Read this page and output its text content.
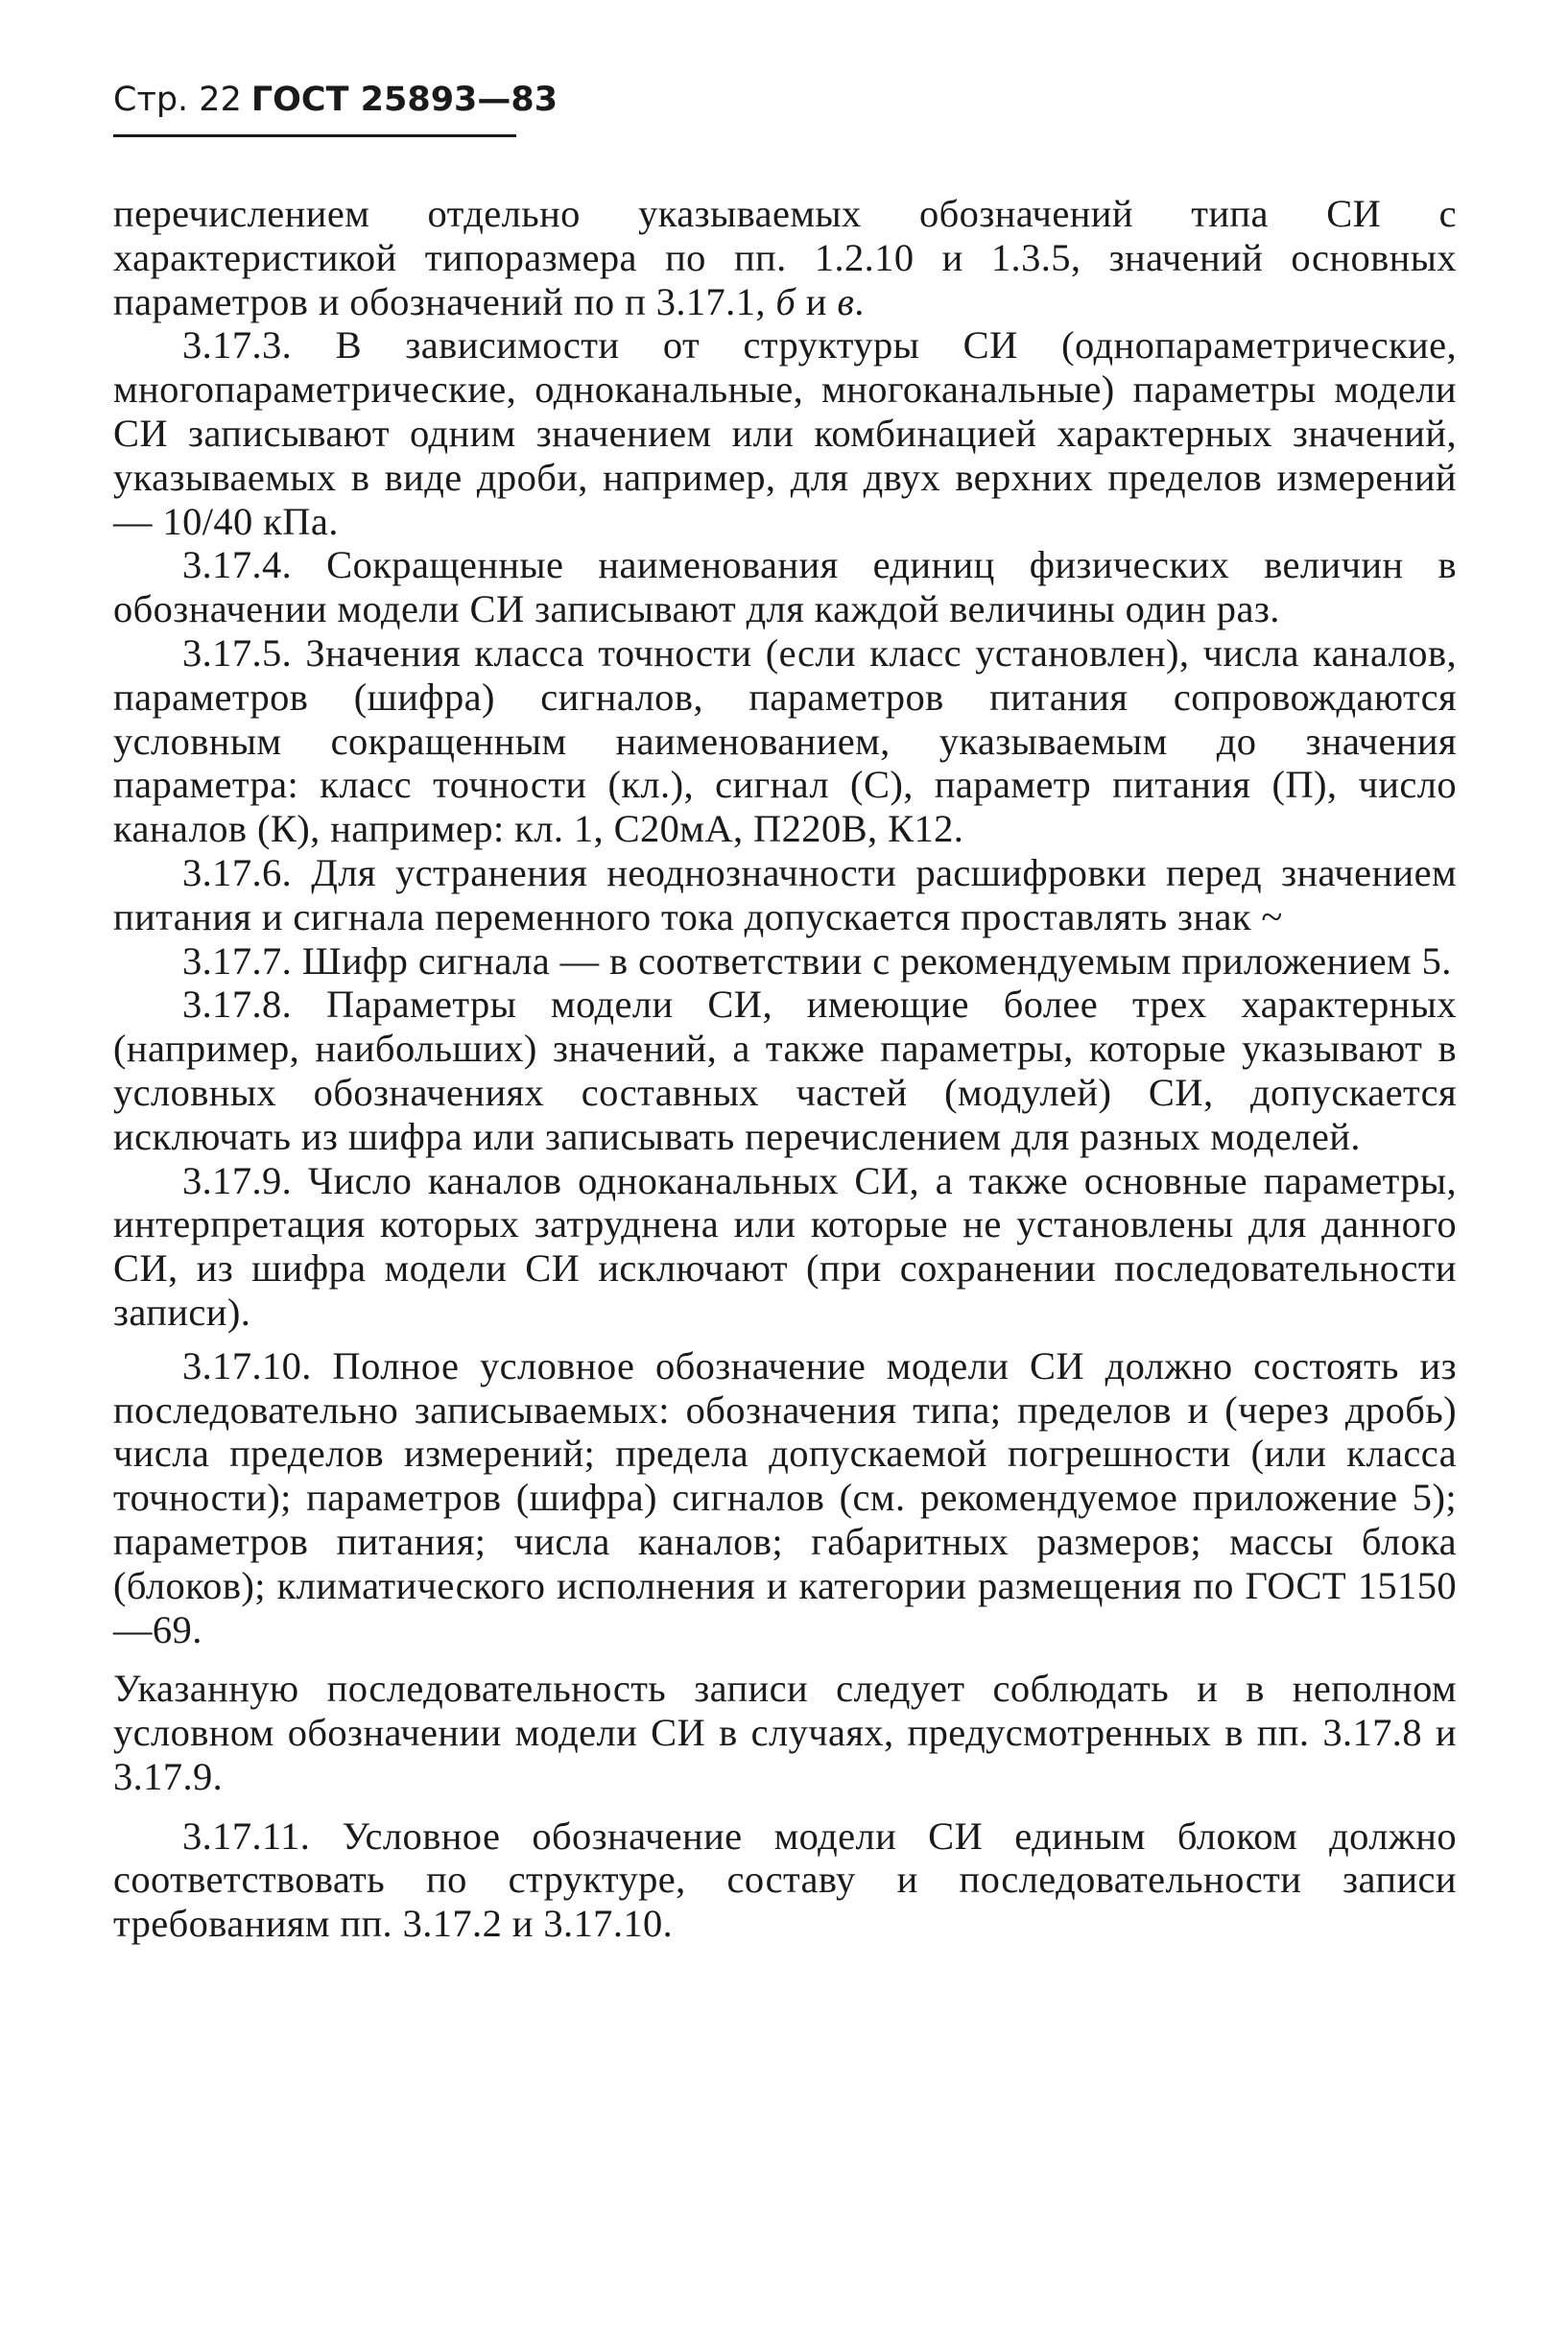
Стр. 22 ГОСТ 25893—83

перечислением отдельно указываемых обозначений типа СИ с характеристикой типоразмера по пп. 1.2.10 и 1.3.5, значений основных параметров и обозначений по п 3.17.1, б и в.

3.17.3. В зависимости от структуры СИ (однопараметрические, многопараметрические, одноканальные, многоканальные) параметры модели СИ записывают одним значением или комбинацией характерных значений, указываемых в виде дроби, например, для двух верхних пределов измерений — 10/40 кПа.

3.17.4. Сокращенные наименования единиц физических величин в обозначении модели СИ записывают для каждой величины один раз.

3.17.5. Значения класса точности (если класс установлен), числа каналов, параметров (шифра) сигналов, параметров питания сопровождаются условным сокращенным наименованием, указываемым до значения параметра: класс точности (кл.), сигнал (С), параметр питания (П), число каналов (К), например: кл. 1, С20мА, П220В, К12.

3.17.6. Для устранения неоднозначности расшифровки перед значением питания и сигнала переменного тока допускается проставлять знак ~

3.17.7. Шифр сигнала — в соответствии с рекомендуемым приложением 5.

3.17.8. Параметры модели СИ, имеющие более трех характерных (например, наибольших) значений, а также параметры, которые указывают в условных обозначениях составных частей (модулей) СИ, допускается исключать из шифра или записывать перечислением для разных моделей.

3.17.9. Число каналов одноканальных СИ, а также основные параметры, интерпретация которых затруднена или которые не установлены для данного СИ, из шифра модели СИ исключают (при сохранении последовательности записи).

3.17.10. Полное условное обозначение модели СИ должно состоять из последовательно записываемых: обозначения типа; пределов и (через дробь) числа пределов измерений; предела допускаемой погрешности (или класса точности); параметров (шифра) сигналов (см. рекомендуемое приложение 5); параметров питания; числа каналов; габаритных размеров; массы блока (блоков); климатического исполнения и категории размещения по ГОСТ 15150—69.

Указанную последовательность записи следует соблюдать и в неполном условном обозначении модели СИ в случаях, предусмотренных в пп. 3.17.8 и 3.17.9.

3.17.11. Условное обозначение модели СИ единым блоком должно соответствовать по структуре, составу и последовательности записи требованиям пп. 3.17.2 и 3.17.10.
